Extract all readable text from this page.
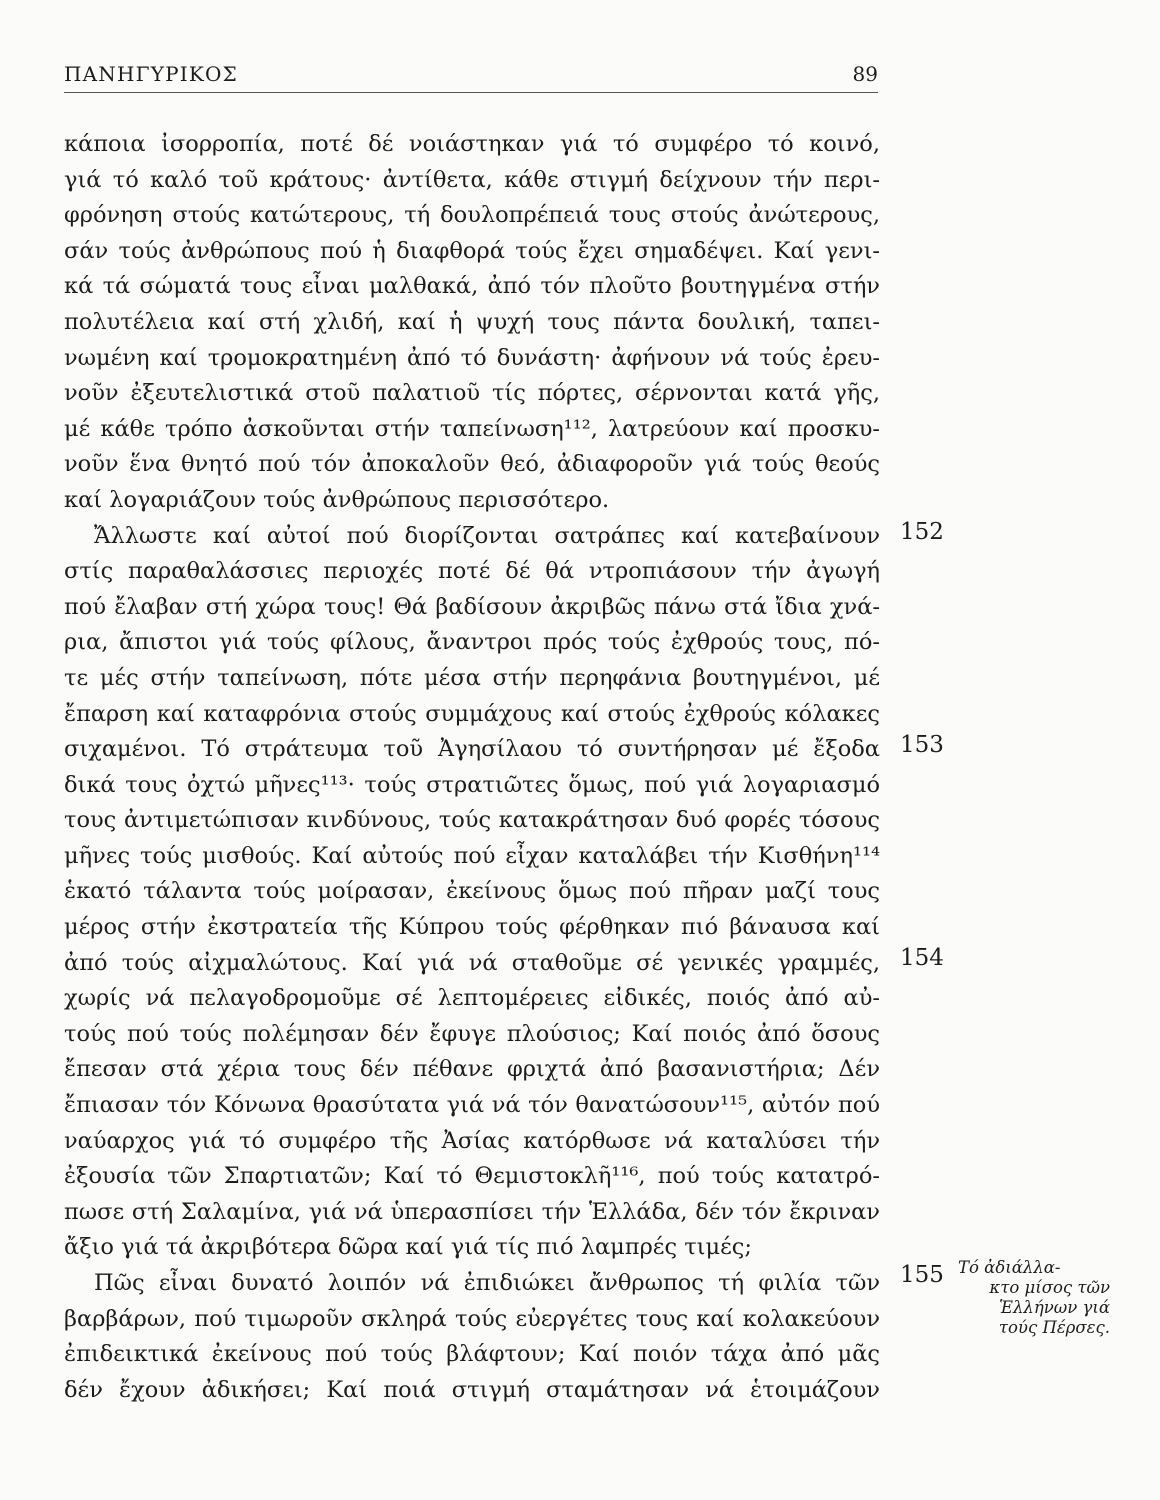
ΠΑΝΗΓΥΡΙΚΟΣ	89
κάποια ἰσορροπία, ποτέ δέ νοιάστηκαν γιά τό συμφέρο τό κοινό,
γιά τό καλό τοῦ κράτους· ἀντίθετα, κάθε στιγμή δείχνουν τήν περι-
φρόνηση στούς κατώτερους, τή δουλοπρέπειά τους στούς ἀνώτερους,
σάν τούς ἀνθρώπους πού ἡ διαφθορά τούς ἔχει σημαδέψει. Καί γενι-
κά τά σώματά τους εἶναι μαλθακά, ἀπό τόν πλοῦτο βουτηγμένα στήν
πολυτέλεια καί στή χλιδή, καί ἡ ψυχή τους πάντα δουλική, ταπει-
νωμένη καί τρομοκρατημένη ἀπό τό δυνάστη· ἀφήνουν νά τούς ἐρευ-
νοῦν ἐξευτελιστικά στοῦ παλατιοῦ τίς πόρτες, σέρνονται κατά γῆς,
μέ κάθε τρόπο ἀσκοῦνται στήν ταπείνωση¹¹², λατρεύουν καί προσκυ-
νοῦν ἕνα θνητό πού τόν ἀποκαλοῦν θεό, ἀδιαφοροῦν γιά τούς θεούς
καί λογαριάζουν τούς ἀνθρώπους περισσότερο.
Ἄλλωστε καί αὐτοί πού διορίζονται σατράπες καί κατεβαίνουν
στίς παραθαλάσσιες περιοχές ποτέ δέ θά ντροπιάσουν τήν ἀγωγή
πού ἔλαβαν στή χώρα τους! Θά βαδίσουν ἀκριβῶς πάνω στά ἴδια χνά-
ρια, ἄπιστοι γιά τούς φίλους, ἄναντροι πρός τούς ἐχθρούς τους, πό-
τε μές στήν ταπείνωση, πότε μέσα στήν περηφάνια βουτηγμένοι, μέ
ἔπαρση καί καταφρόνια στούς συμμάχους καί στούς ἐχθρούς κόλακες
σιχαμένοι. Τό στράτευμα τοῦ Ἀγησίλαου τό συντήρησαν μέ ἔξοδα
δικά τους ὀχτώ μῆνες¹¹³· τούς στρατιῶτες ὅμως, πού γιά λογαριασμό
τους ἀντιμετώπισαν κινδύνους, τούς κατακράτησαν δυό φορές τόσους
μῆνες τούς μισθούς. Καί αὐτούς πού εἶχαν καταλάβει τήν Κισθήνη¹¹⁴
ἑκατό τάλαντα τούς μοίρασαν, ἐκείνους ὅμως πού πῆραν μαζί τους
μέρος στήν ἐκστρατεία τῆς Κύπρου τούς φέρθηκαν πιό βάναυσα καί
ἀπό τούς αἰχμαλώτους. Καί γιά νά σταθοῦμε σέ γενικές γραμμές,
χωρίς νά πελαγοδρομοῦμε σέ λεπτομέρειες εἰδικές, ποιός ἀπό αὐ-
τούς πού τούς πολέμησαν δέν ἔφυγε πλούσιος; Καί ποιός ἀπό ὅσους
ἔπεσαν στά χέρια τους δέν πέθανε φριχτά ἀπό βασανιστήρια; Δέν
ἔπιασαν τόν Κόνωνα θρασύτατα γιά νά τόν θανατώσουν¹¹⁵, αὐτόν πού
ναύαρχος γιά τό συμφέρο τῆς Ἀσίας κατόρθωσε νά καταλύσει τήν
ἐξουσία τῶν Σπαρτιατῶν; Καί τό Θεμιστοκλῆ¹¹⁶, πού τούς κατατρό-
πωσε στή Σαλαμίνα, γιά νά ὑπερασπίσει τήν Ἑλλάδα, δέν τόν ἔκριναν
ἄξιο γιά τά ἀκριβότερα δῶρα καί γιά τίς πιό λαμπρές τιμές;
Πῶς εἶναι δυνατό λοιπόν νά ἐπιδιώκει ἄνθρωπος τή φιλία τῶν
βαρβάρων, πού τιμωροῦν σκληρά τούς εὐεργέτες τους καί κολακεύουν
ἐπιδεικτικά ἐκείνους πού τούς βλάφτουν; Καί ποιόν τάχα ἀπό μᾶς
δέν ἔχουν ἀδικήσει; Καί ποιά στιγμή σταμάτησαν νά ἑτοιμάζουν
152
153
154
155 Τό ἀδιάλλα-
κτο μίσος τῶν
Ἑλλήνων γιά
τούς Πέρσες.
